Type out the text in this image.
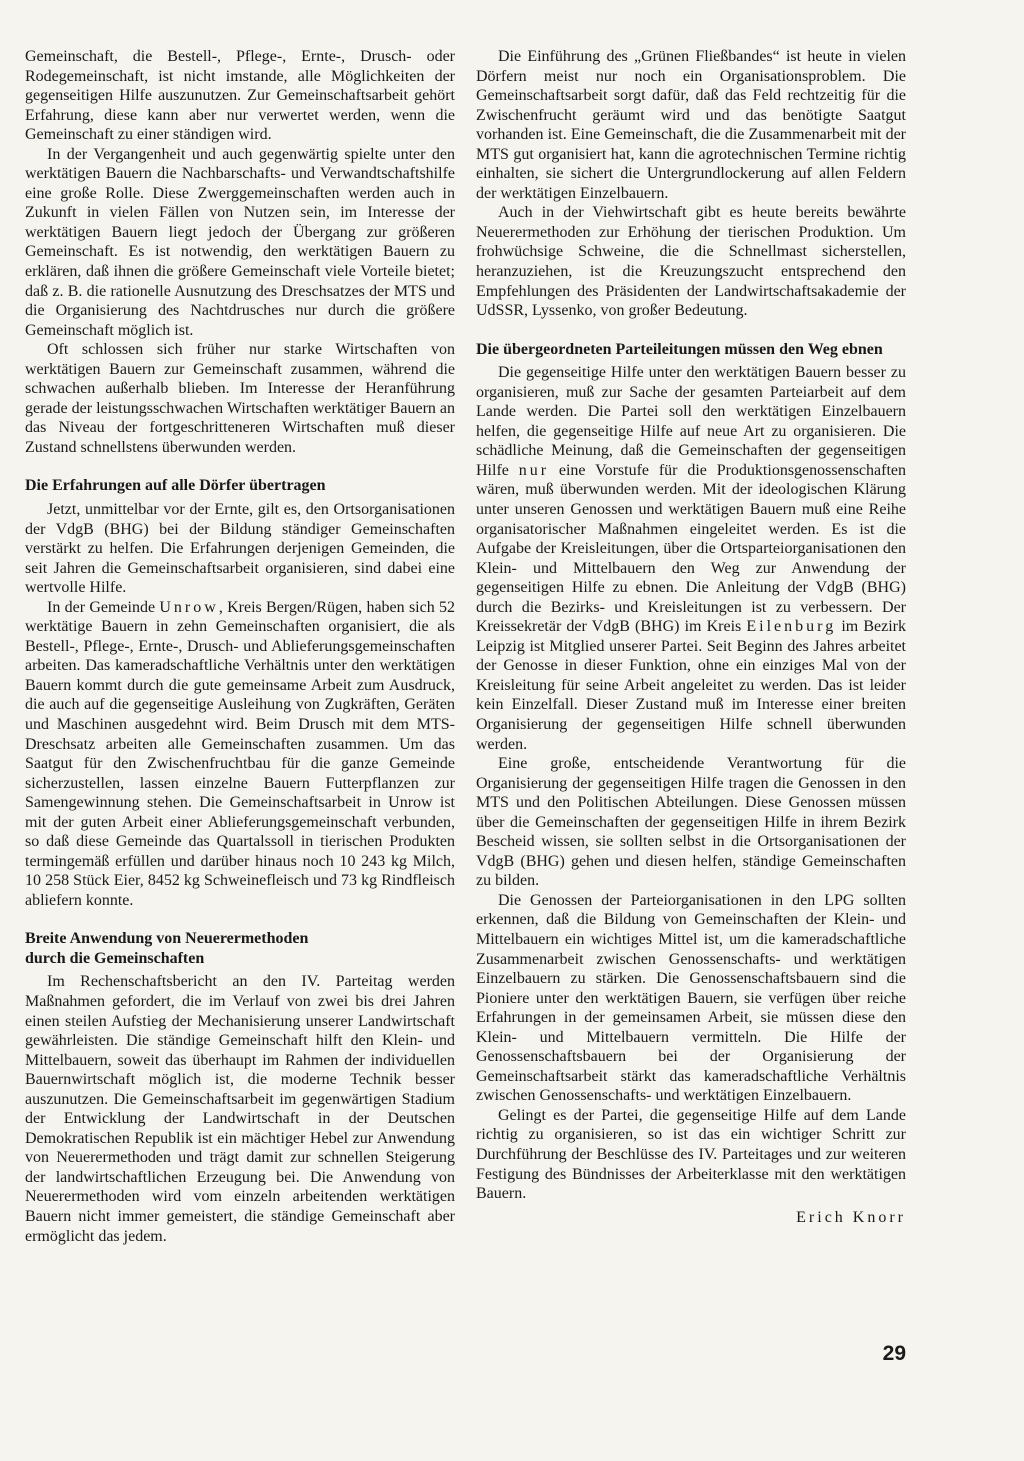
Gemeinschaft, die Bestell-, Pflege-, Ernte-, Drusch- oder Rodegemeinschaft, ist nicht imstande, alle Möglichkeiten der gegenseitigen Hilfe auszunutzen. Zur Gemeinschaftsarbeit gehört Erfahrung, diese kann aber nur verwertet werden, wenn die Gemeinschaft zu einer ständigen wird.

In der Vergangenheit und auch gegenwärtig spielte unter den werktätigen Bauern die Nachbarschafts- und Verwandtschaftshilfe eine große Rolle. Diese Zwerggemeinschaften werden auch in Zukunft in vielen Fällen von Nutzen sein, im Interesse der werktätigen Bauern liegt jedoch der Übergang zur größeren Gemeinschaft. Es ist notwendig, den werktätigen Bauern zu erklären, daß ihnen die größere Gemeinschaft viele Vorteile bietet; daß z. B. die rationelle Ausnutzung des Dreschsatzes der MTS und die Organisierung des Nachtdrusches nur durch die größere Gemeinschaft möglich ist.

Oft schlossen sich früher nur starke Wirtschaften von werktätigen Bauern zur Gemeinschaft zusammen, während die schwachen außerhalb blieben. Im Interesse der Heranführung gerade der leistungsschwachen Wirtschaften werktätiger Bauern an das Niveau der fortgeschritteneren Wirtschaften muß dieser Zustand schnellstens überwunden werden.

Die Erfahrungen auf alle Dörfer übertragen

Jetzt, unmittelbar vor der Ernte, gilt es, den Ortsorganisationen der VdgB (BHG) bei der Bildung ständiger Gemeinschaften verstärkt zu helfen. Die Erfahrungen derjenigen Gemeinden, die seit Jahren die Gemeinschaftsarbeit organisieren, sind dabei eine wertvolle Hilfe.

In der Gemeinde Unrow, Kreis Bergen/Rügen, haben sich 52 werktätige Bauern in zehn Gemeinschaften organisiert, die als Bestell-, Pflege-, Ernte-, Drusch- und Ablieferungsgemeinschaften arbeiten. Das kameradschaftliche Verhältnis unter den werktätigen Bauern kommt durch die gute gemeinsame Arbeit zum Ausdruck, die auch auf die gegenseitige Ausleihung von Zugkräften, Geräten und Maschinen ausgedehnt wird. Beim Drusch mit dem MTS-Dreschsatz arbeiten alle Gemeinschaften zusammen. Um das Saatgut für den Zwischenfruchtbau für die ganze Gemeinde sicherzustellen, lassen einzelne Bauern Futterpflanzen zur Samengewinnung stehen. Die Gemeinschaftsarbeit in Unrow ist mit der guten Arbeit einer Ablieferungsgemeinschaft verbunden, so daß diese Gemeinde das Quartalssoll in tierischen Produkten termingemäß erfüllen und darüber hinaus noch 10 243 kg Milch, 10 258 Stück Eier, 8452 kg Schweinefleisch und 73 kg Rindfleisch abliefern konnte.

Breite Anwendung von Neuerermethoden
durch die Gemeinschaften

Im Rechenschaftsbericht an den IV. Parteitag werden Maßnahmen gefordert, die im Verlauf von zwei bis drei Jahren einen steilen Aufstieg der Mechanisierung unserer Landwirtschaft gewährleisten. Die ständige Gemeinschaft hilft den Klein- und Mittelbauern, soweit das überhaupt im Rahmen der individuellen Bauernwirtschaft möglich ist, die moderne Technik besser auszunutzen. Die Gemeinschaftsarbeit im gegenwärtigen Stadium der Entwicklung der Landwirtschaft in der Deutschen Demokratischen Republik ist ein mächtiger Hebel zur Anwendung von Neuerermethoden und trägt damit zur schnellen Steigerung der landwirtschaftlichen Erzeugung bei. Die Anwendung von Neuerermethoden wird vom einzeln arbeitenden werktätigen Bauern nicht immer gemeistert, die ständige Gemeinschaft aber ermöglicht das jedem.

Die Einführung des „Grünen Fließbandes“ ist heute in vielen Dörfern meist nur noch ein Organisationsproblem. Die Gemeinschaftsarbeit sorgt dafür, daß das Feld rechtzeitig für die Zwischenfrucht geräumt wird und das benötigte Saatgut vorhanden ist. Eine Gemeinschaft, die die Zusammenarbeit mit der MTS gut organisiert hat, kann die agrotechnischen Termine richtig einhalten, sie sichert die Untergrundlockerung auf allen Feldern der werktätigen Einzelbauern.

Auch in der Viehwirtschaft gibt es heute bereits bewährte Neuerermethoden zur Erhöhung der tierischen Produktion. Um frohwüchsige Schweine, die die Schnellmast sicherstellen, heranzuziehen, ist die Kreuzungszucht entsprechend den Empfehlungen des Präsidenten der Landwirtschaftsakademie der UdSSR, Lyssenko, von großer Bedeutung.

Die übergeordneten Parteileitungen müssen den Weg ebnen

Die gegenseitige Hilfe unter den werktätigen Bauern besser zu organisieren, muß zur Sache der gesamten Parteiarbeit auf dem Lande werden. Die Partei soll den werktätigen Einzelbauern helfen, die gegenseitige Hilfe auf neue Art zu organisieren. Die schädliche Meinung, daß die Gemeinschaften der gegenseitigen Hilfe nur eine Vorstufe für die Produktionsgenossenschaften wären, muß überwunden werden. Mit der ideologischen Klärung unter unseren Genossen und werktätigen Bauern muß eine Reihe organisatorischer Maßnahmen eingeleitet werden. Es ist die Aufgabe der Kreisleitungen, über die Ortsparteiorganisationen den Klein- und Mittelbauern den Weg zur Anwendung der gegenseitigen Hilfe zu ebnen. Die Anleitung der VdgB (BHG) durch die Bezirks- und Kreisleitungen ist zu verbessern. Der Kreissekretär der VdgB (BHG) im Kreis Eilenburg im Bezirk Leipzig ist Mitglied unserer Partei. Seit Beginn des Jahres arbeitet der Genosse in dieser Funktion, ohne ein einziges Mal von der Kreisleitung für seine Arbeit angeleitet zu werden. Das ist leider kein Einzelfall. Dieser Zustand muß im Interesse einer breiten Organisierung der gegenseitigen Hilfe schnell überwunden werden.

Eine große, entscheidende Verantwortung für die Organisierung der gegenseitigen Hilfe tragen die Genossen in den MTS und den Politischen Abteilungen. Diese Genossen müssen über die Gemeinschaften der gegenseitigen Hilfe in ihrem Bezirk Bescheid wissen, sie sollten selbst in die Ortsorganisationen der VdgB (BHG) gehen und diesen helfen, ständige Gemeinschaften zu bilden.

Die Genossen der Parteiorganisationen in den LPG sollten erkennen, daß die Bildung von Gemeinschaften der Klein- und Mittelbauern ein wichtiges Mittel ist, um die kameradschaftliche Zusammenarbeit zwischen Genossenschafts- und werktätigen Einzelbauern zu stärken. Die Genossenschaftsbauern sind die Pioniere unter den werktätigen Bauern, sie verfügen über reiche Erfahrungen in der gemeinsamen Arbeit, sie müssen diese den Klein- und Mittelbauern vermitteln. Die Hilfe der Genossenschaftsbauern bei der Organisierung der Gemeinschaftsarbeit stärkt das kameradschaftliche Verhältnis zwischen Genossenschafts- und werktätigen Einzelbauern.

Gelingt es der Partei, die gegenseitige Hilfe auf dem Lande richtig zu organisieren, so ist das ein wichtiger Schritt zur Durchführung der Beschlüsse des IV. Parteitages und zur weiteren Festigung des Bündnisses der Arbeiterklasse mit den werktätigen Bauern.

Erich Knorr
29
